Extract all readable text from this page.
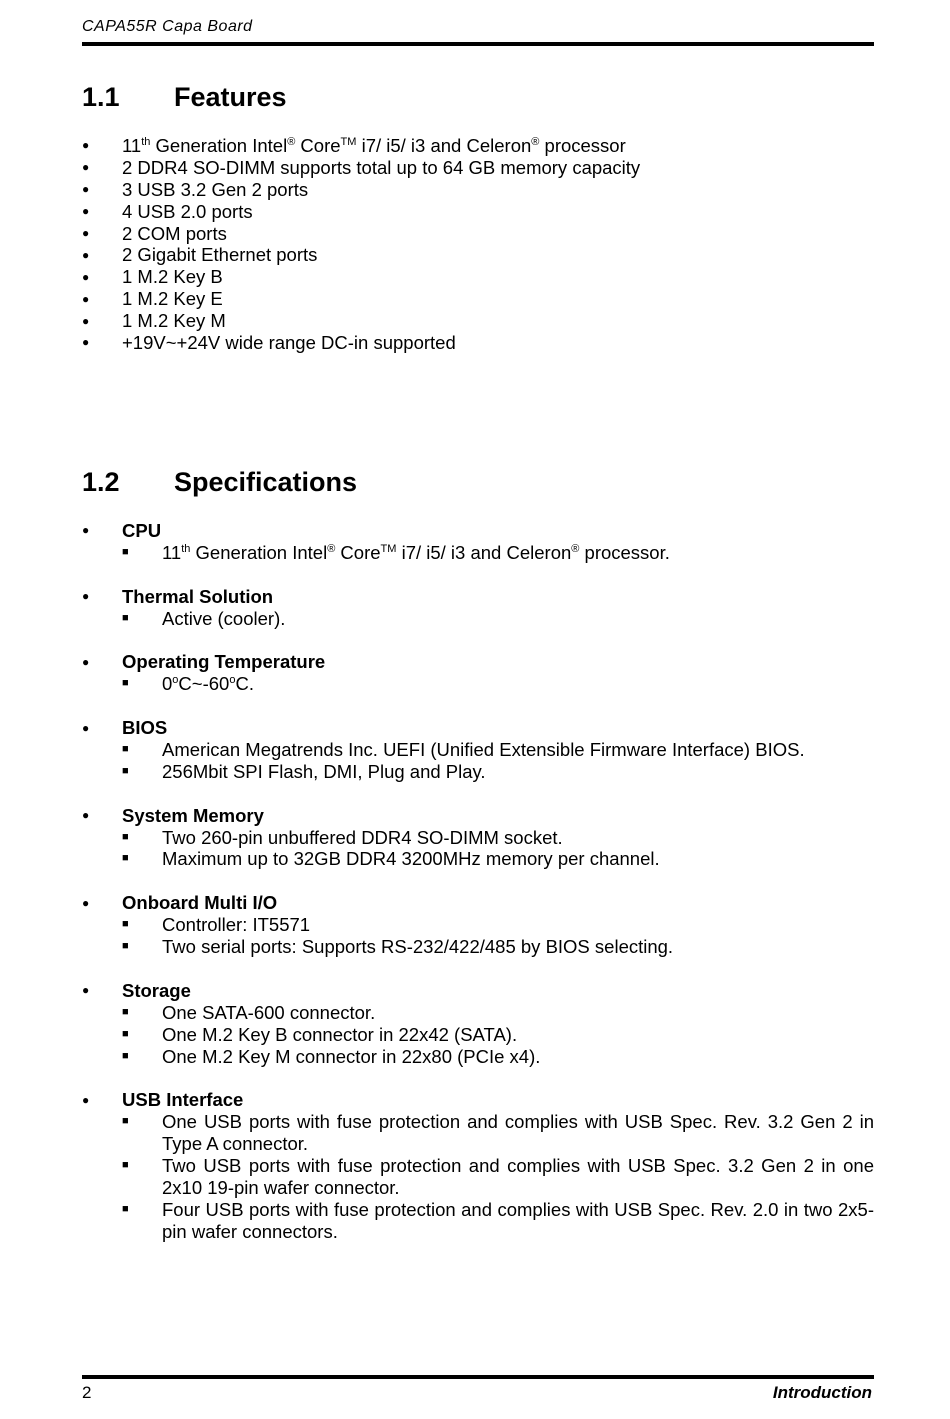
CAPA55R Capa Board
1.1	Features
●	11th Generation Intel® Core™ i7/ i5/ i3 and Celeron® processor
●	2 DDR4 SO-DIMM supports total up to 64 GB memory capacity
●	3 USB 3.2 Gen 2 ports
●	4 USB 2.0 ports
●	2 COM ports
●	2 Gigabit Ethernet ports
●	1 M.2 Key B
●	1 M.2 Key E
●	1 M.2 Key M
●	+19V~+24V wide range DC-in supported
1.2	Specifications
●	CPU
■	11th Generation Intel® Core™ i7/ i5/ i3 and Celeron® processor.
●	Thermal Solution
■	Active (cooler).
●	Operating Temperature
■	0$^o$C~-60$^o$C.
●	BIOS
■	American Megatrends Inc. UEFI (Unified Extensible Firmware Interface) BIOS.
■	256Mbit SPI Flash, DMI, Plug and Play.
●	System Memory
■	Two 260-pin unbuffered DDR4 SO-DIMM socket.
■	Maximum up to 32GB DDR4 3200MHz memory per channel.
●	Onboard Multi I/O
■	Controller: IT5571
■	Two serial ports: Supports RS-232/422/485 by BIOS selecting.
●	Storage
■	One SATA-600 connector.
■	One M.2 Key B connector in 22x42 (SATA).
■	One M.2 Key M connector in 22x80 (PCIe x4).
●	USB Interface
■	One USB ports with fuse protection and complies with USB Spec. Rev. 3.2 Gen 2 in Type A connector.
■	Two USB ports with fuse protection and complies with USB Spec. 3.2 Gen 2 in one 2x10 19-pin wafer connector.
■	Four USB ports with fuse protection and complies with USB Spec. Rev. 2.0 in two 2x5-pin wafer connectors.
2	Introduction
